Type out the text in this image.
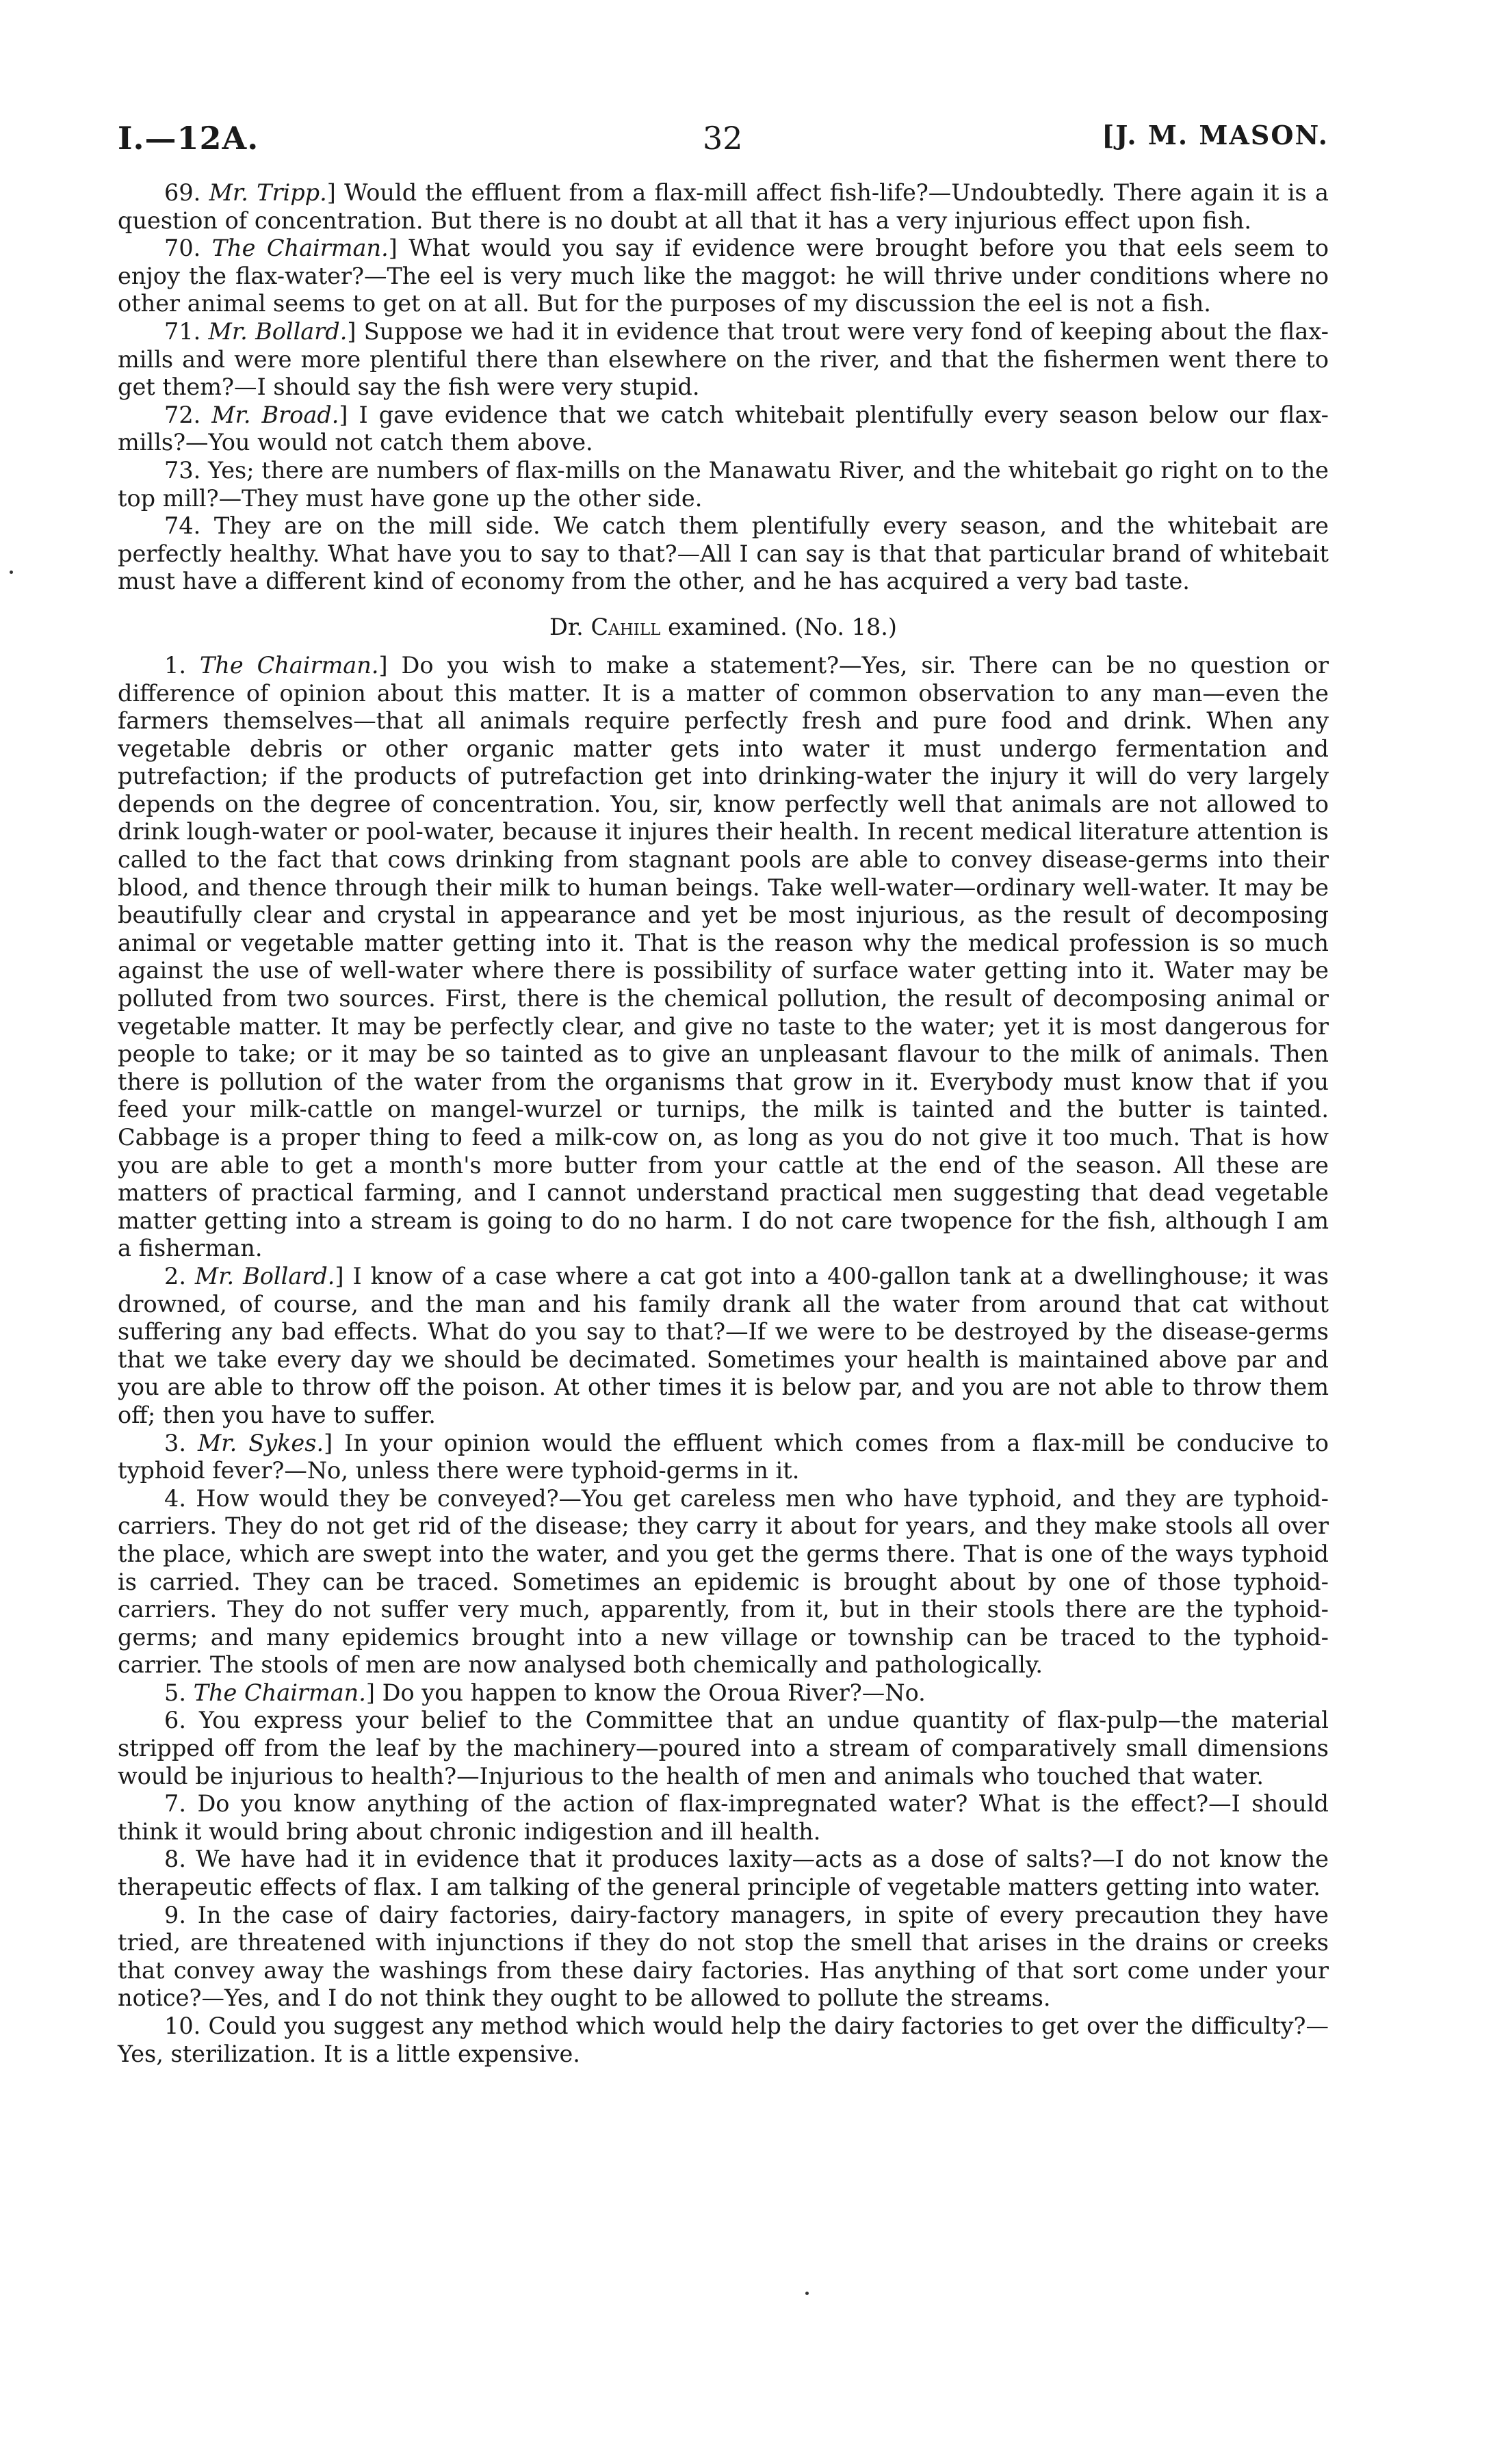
I.—12A.	32	[J. M. MASON.

69. Mr. Tripp.] Would the effluent from a flax-mill affect fish-life?—Undoubtedly. There again it is a question of concentration. But there is no doubt at all that it has a very injurious effect upon fish.

70. The Chairman.] What would you say if evidence were brought before you that eels seem to enjoy the flax-water?—The eel is very much like the maggot: he will thrive under conditions where no other animal seems to get on at all. But for the purposes of my discussion the eel is not a fish.

71. Mr. Bollard.] Suppose we had it in evidence that trout were very fond of keeping about the flax-mills and were more plentiful there than elsewhere on the river, and that the fishermen went there to get them?—I should say the fish were very stupid.

72. Mr. Broad.] I gave evidence that we catch whitebait plentifully every season below our flax-mills?—You would not catch them above.

73. Yes; there are numbers of flax-mills on the Manawatu River, and the whitebait go right on to the top mill?—They must have gone up the other side.

74. They are on the mill side. We catch them plentifully every season, and the whitebait are perfectly healthy. What have you to say to that?—All I can say is that that particular brand of whitebait must have a different kind of economy from the other, and he has acquired a very bad taste.

Dr. Cahill examined. (No. 18.)

1. The Chairman.] Do you wish to make a statement?—Yes, sir. There can be no question or difference of opinion about this matter. It is a matter of common observation to any man—even the farmers themselves—that all animals require perfectly fresh and pure food and drink. When any vegetable debris or other organic matter gets into water it must undergo fermentation and putrefaction; if the products of putrefaction get into drinking-water the injury it will do very largely depends on the degree of concentration. You, sir, know perfectly well that animals are not allowed to drink lough-water or pool-water, because it injures their health. In recent medical literature attention is called to the fact that cows drinking from stagnant pools are able to convey disease-germs into their blood, and thence through their milk to human beings. Take well-water—ordinary well-water. It may be beautifully clear and crystal in appearance and yet be most injurious, as the result of decomposing animal or vegetable matter getting into it. That is the reason why the medical profession is so much against the use of well-water where there is possibility of surface water getting into it. Water may be polluted from two sources. First, there is the chemical pollution, the result of decomposing animal or vegetable matter. It may be perfectly clear, and give no taste to the water; yet it is most dangerous for people to take; or it may be so tainted as to give an unpleasant flavour to the milk of animals. Then there is pollution of the water from the organisms that grow in it. Everybody must know that if you feed your milk-cattle on mangel-wurzel or turnips, the milk is tainted and the butter is tainted. Cabbage is a proper thing to feed a milk-cow on, as long as you do not give it too much. That is how you are able to get a month's more butter from your cattle at the end of the season. All these are matters of practical farming, and I cannot understand practical men suggesting that dead vegetable matter getting into a stream is going to do no harm. I do not care twopence for the fish, although I am a fisherman.

2. Mr. Bollard.] I know of a case where a cat got into a 400-gallon tank at a dwellinghouse; it was drowned, of course, and the man and his family drank all the water from around that cat without suffering any bad effects. What do you say to that?—If we were to be destroyed by the disease-germs that we take every day we should be decimated. Sometimes your health is maintained above par and you are able to throw off the poison. At other times it is below par, and you are not able to throw them off; then you have to suffer.

3. Mr. Sykes.] In your opinion would the effluent which comes from a flax-mill be conducive to typhoid fever?—No, unless there were typhoid-germs in it.

4. How would they be conveyed?—You get careless men who have typhoid, and they are typhoid-carriers. They do not get rid of the disease; they carry it about for years, and they make stools all over the place, which are swept into the water, and you get the germs there. That is one of the ways typhoid is carried. They can be traced. Sometimes an epidemic is brought about by one of those typhoid-carriers. They do not suffer very much, apparently, from it, but in their stools there are the typhoid-germs; and many epidemics brought into a new village or township can be traced to the typhoid-carrier. The stools of men are now analysed both chemically and pathologically.

5. The Chairman.] Do you happen to know the Oroua River?—No.

6. You express your belief to the Committee that an undue quantity of flax-pulp—the material stripped off from the leaf by the machinery—poured into a stream of comparatively small dimensions would be injurious to health?—Injurious to the health of men and animals who touched that water.

7. Do you know anything of the action of flax-impregnated water? What is the effect?—I should think it would bring about chronic indigestion and ill health.

8. We have had it in evidence that it produces laxity—acts as a dose of salts?—I do not know the therapeutic effects of flax. I am talking of the general principle of vegetable matters getting into water.

9. In the case of dairy factories, dairy-factory managers, in spite of every precaution they have tried, are threatened with injunctions if they do not stop the smell that arises in the drains or creeks that convey away the washings from these dairy factories. Has anything of that sort come under your notice?—Yes, and I do not think they ought to be allowed to pollute the streams.

10. Could you suggest any method which would help the dairy factories to get over the difficulty?—Yes, sterilization. It is a little expensive.
